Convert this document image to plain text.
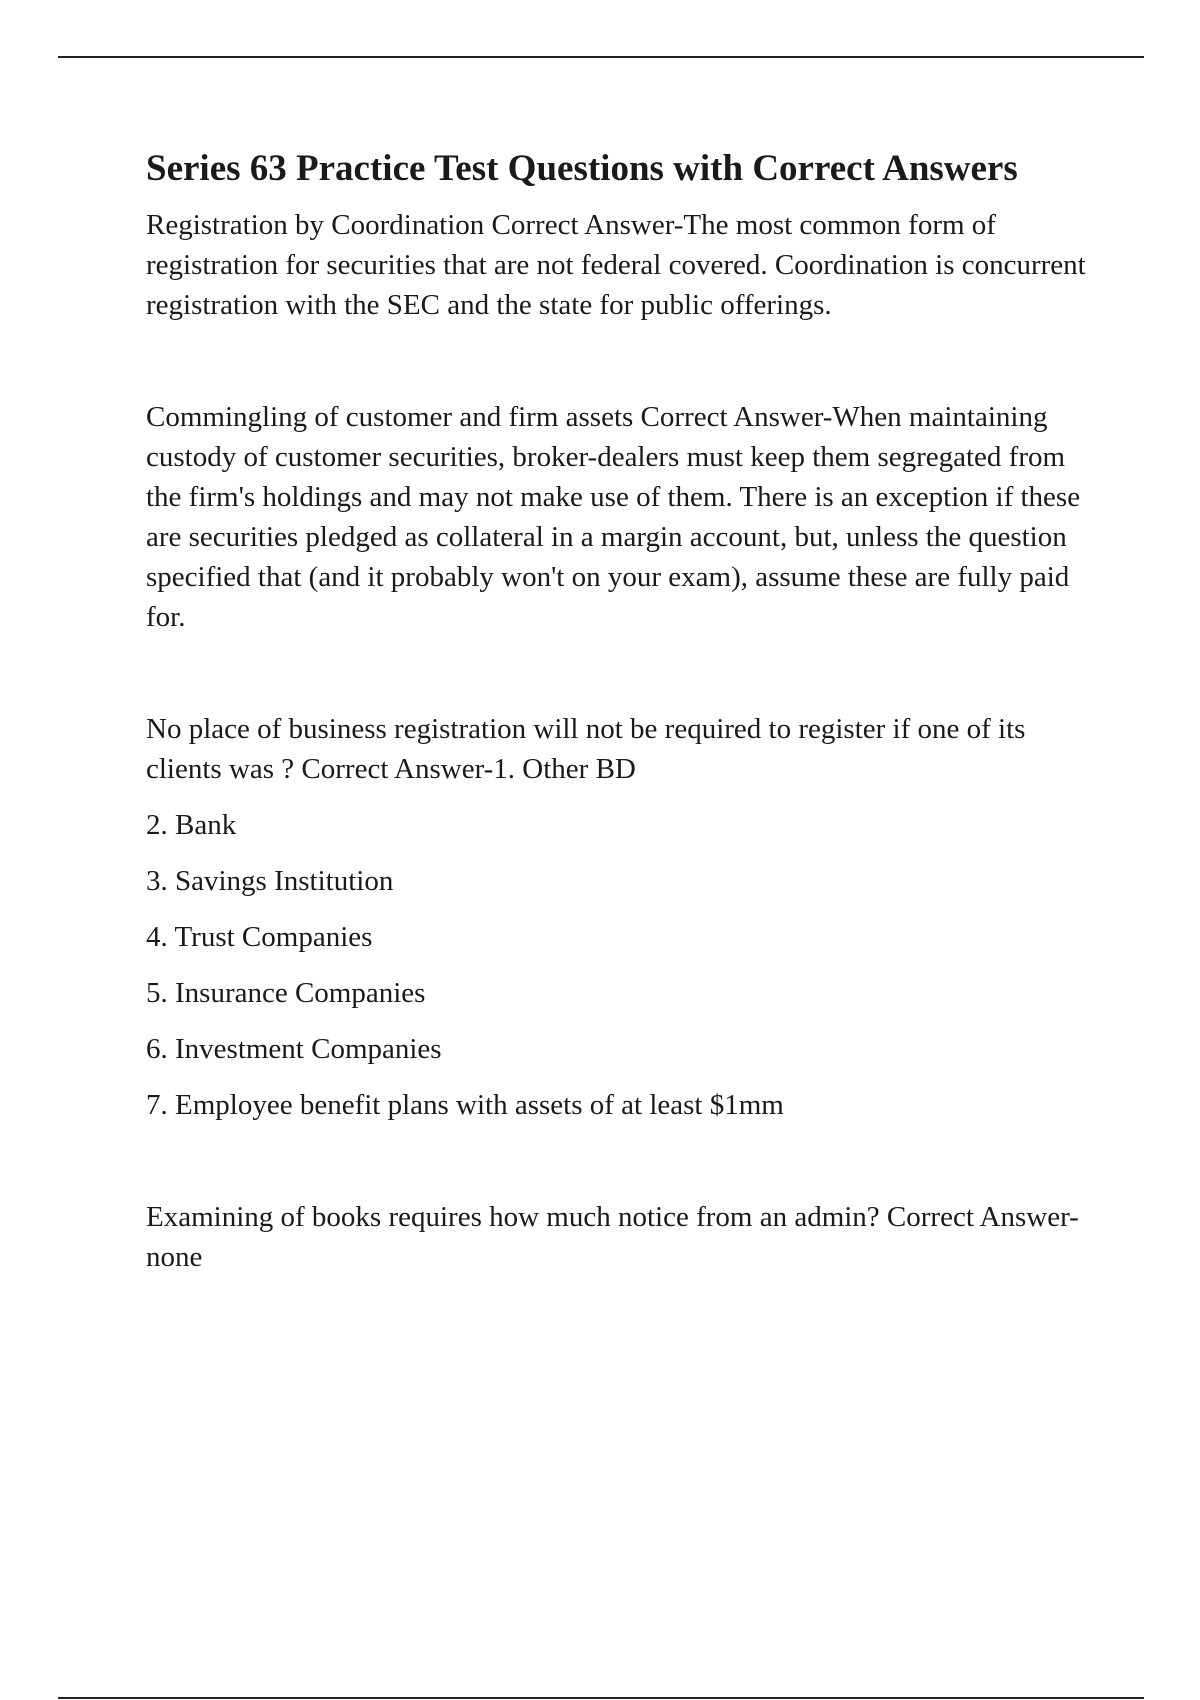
Series 63 Practice Test Questions with Correct Answers

Registration by Coordination Correct Answer-The most common form of registration for securities that are not federal covered. Coordination is concurrent registration with the SEC and the state for public offerings.

Commingling of customer and firm assets Correct Answer-When maintaining custody of customer securities, broker-dealers must keep them segregated from the firm's holdings and may not make use of them. There is an exception if these are securities pledged as collateral in a margin account, but, unless the question specified that (and it probably won't on your exam), assume these are fully paid for.

No place of business registration will not be required to register if one of its clients was ? Correct Answer-1. Other BD

2. Bank

3. Savings Institution

4. Trust Companies

5. Insurance Companies

6. Investment Companies

7. Employee benefit plans with assets of at least $1mm

Examining of books requires how much notice from an admin? Correct Answer-none
